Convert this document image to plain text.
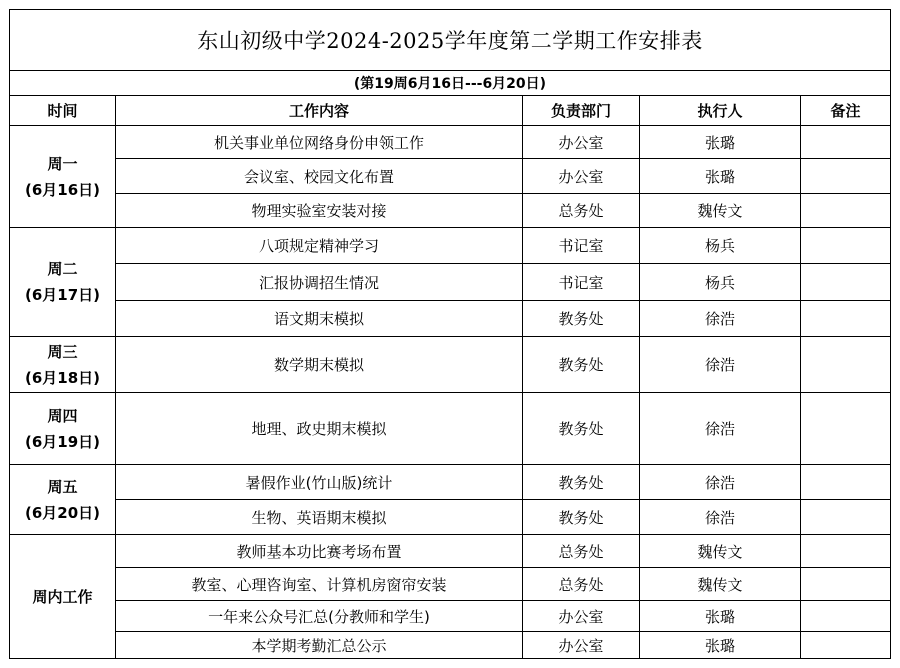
东山初级中学2024-2025学年度第二学期工作安排表				
(第19周6月16日---6月20日)				
时间	工作内容	负责部门	执行人	备注

周一
(6月16日)	机关事业单位网络身份申领工作	办公室	张璐	
	会议室、校园文化布置	办公室	张璐	
	物理实验室安装对接	总务处	魏传文	

周二
(6月17日)	八项规定精神学习	书记室	杨兵	
	汇报协调招生情况	书记室	杨兵	
	语文期末模拟	教务处	徐浩	

周三
(6月18日)	数学期末模拟	教务处	徐浩	

周四
(6月19日)	地理、政史期末模拟	教务处	徐浩	

周五
(6月20日)	暑假作业(竹山版)统计	教务处	徐浩	
	生物、英语期末模拟	教务处	徐浩	

周内工作	教师基本功比赛考场布置	总务处	魏传文	
	教室、心理咨询室、计算机房窗帘安装	总务处	魏传文	
	一年来公众号汇总(分教师和学生)	办公室	张璐	
	本学期考勤汇总公示	办公室	张璐	
